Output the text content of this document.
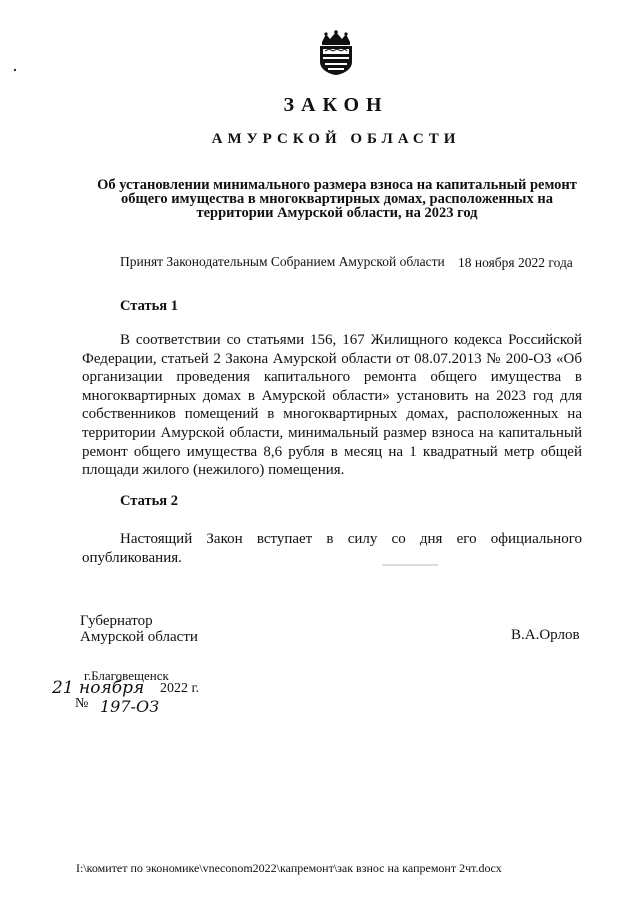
ЗАКОН
АМУРСКОЙ ОБЛАСТИ
Об установлении минимального размера взноса на капитальный ремонт
общего имущества в многоквартирных домах, расположенных на
территории Амурской области, на 2023 год
Принят Законодательным Собранием Амурской области 18 ноября 2022 года
Статья 1
В соответствии со статьями 156, 167 Жилищного кодекса Российской Федерации, статьей 2 Закона Амурской области от 08.07.2013 № 200-ОЗ «Об организации проведения капитального ремонта общего имущества в многоквартирных домах в Амурской области» установить на 2023 год для собственников помещений в многоквартирных домах, расположенных на территории Амурской области, минимальный размер взноса на капитальный ремонт общего имущества 8,6 рубля в месяц на 1 квадратный метр общей площади жилого (нежилого) помещения.
Статья 2
Настоящий Закон вступает в силу со дня его официального опубликования.
Губернатор
Амурской области	В.А.Орлов
г.Благовещенск
21 ноября 2022 г.
№ 197-ОЗ
I:\комитет по экономике\vneconom2022\капремонт\зак взнос на капремонт 2чт.docx
